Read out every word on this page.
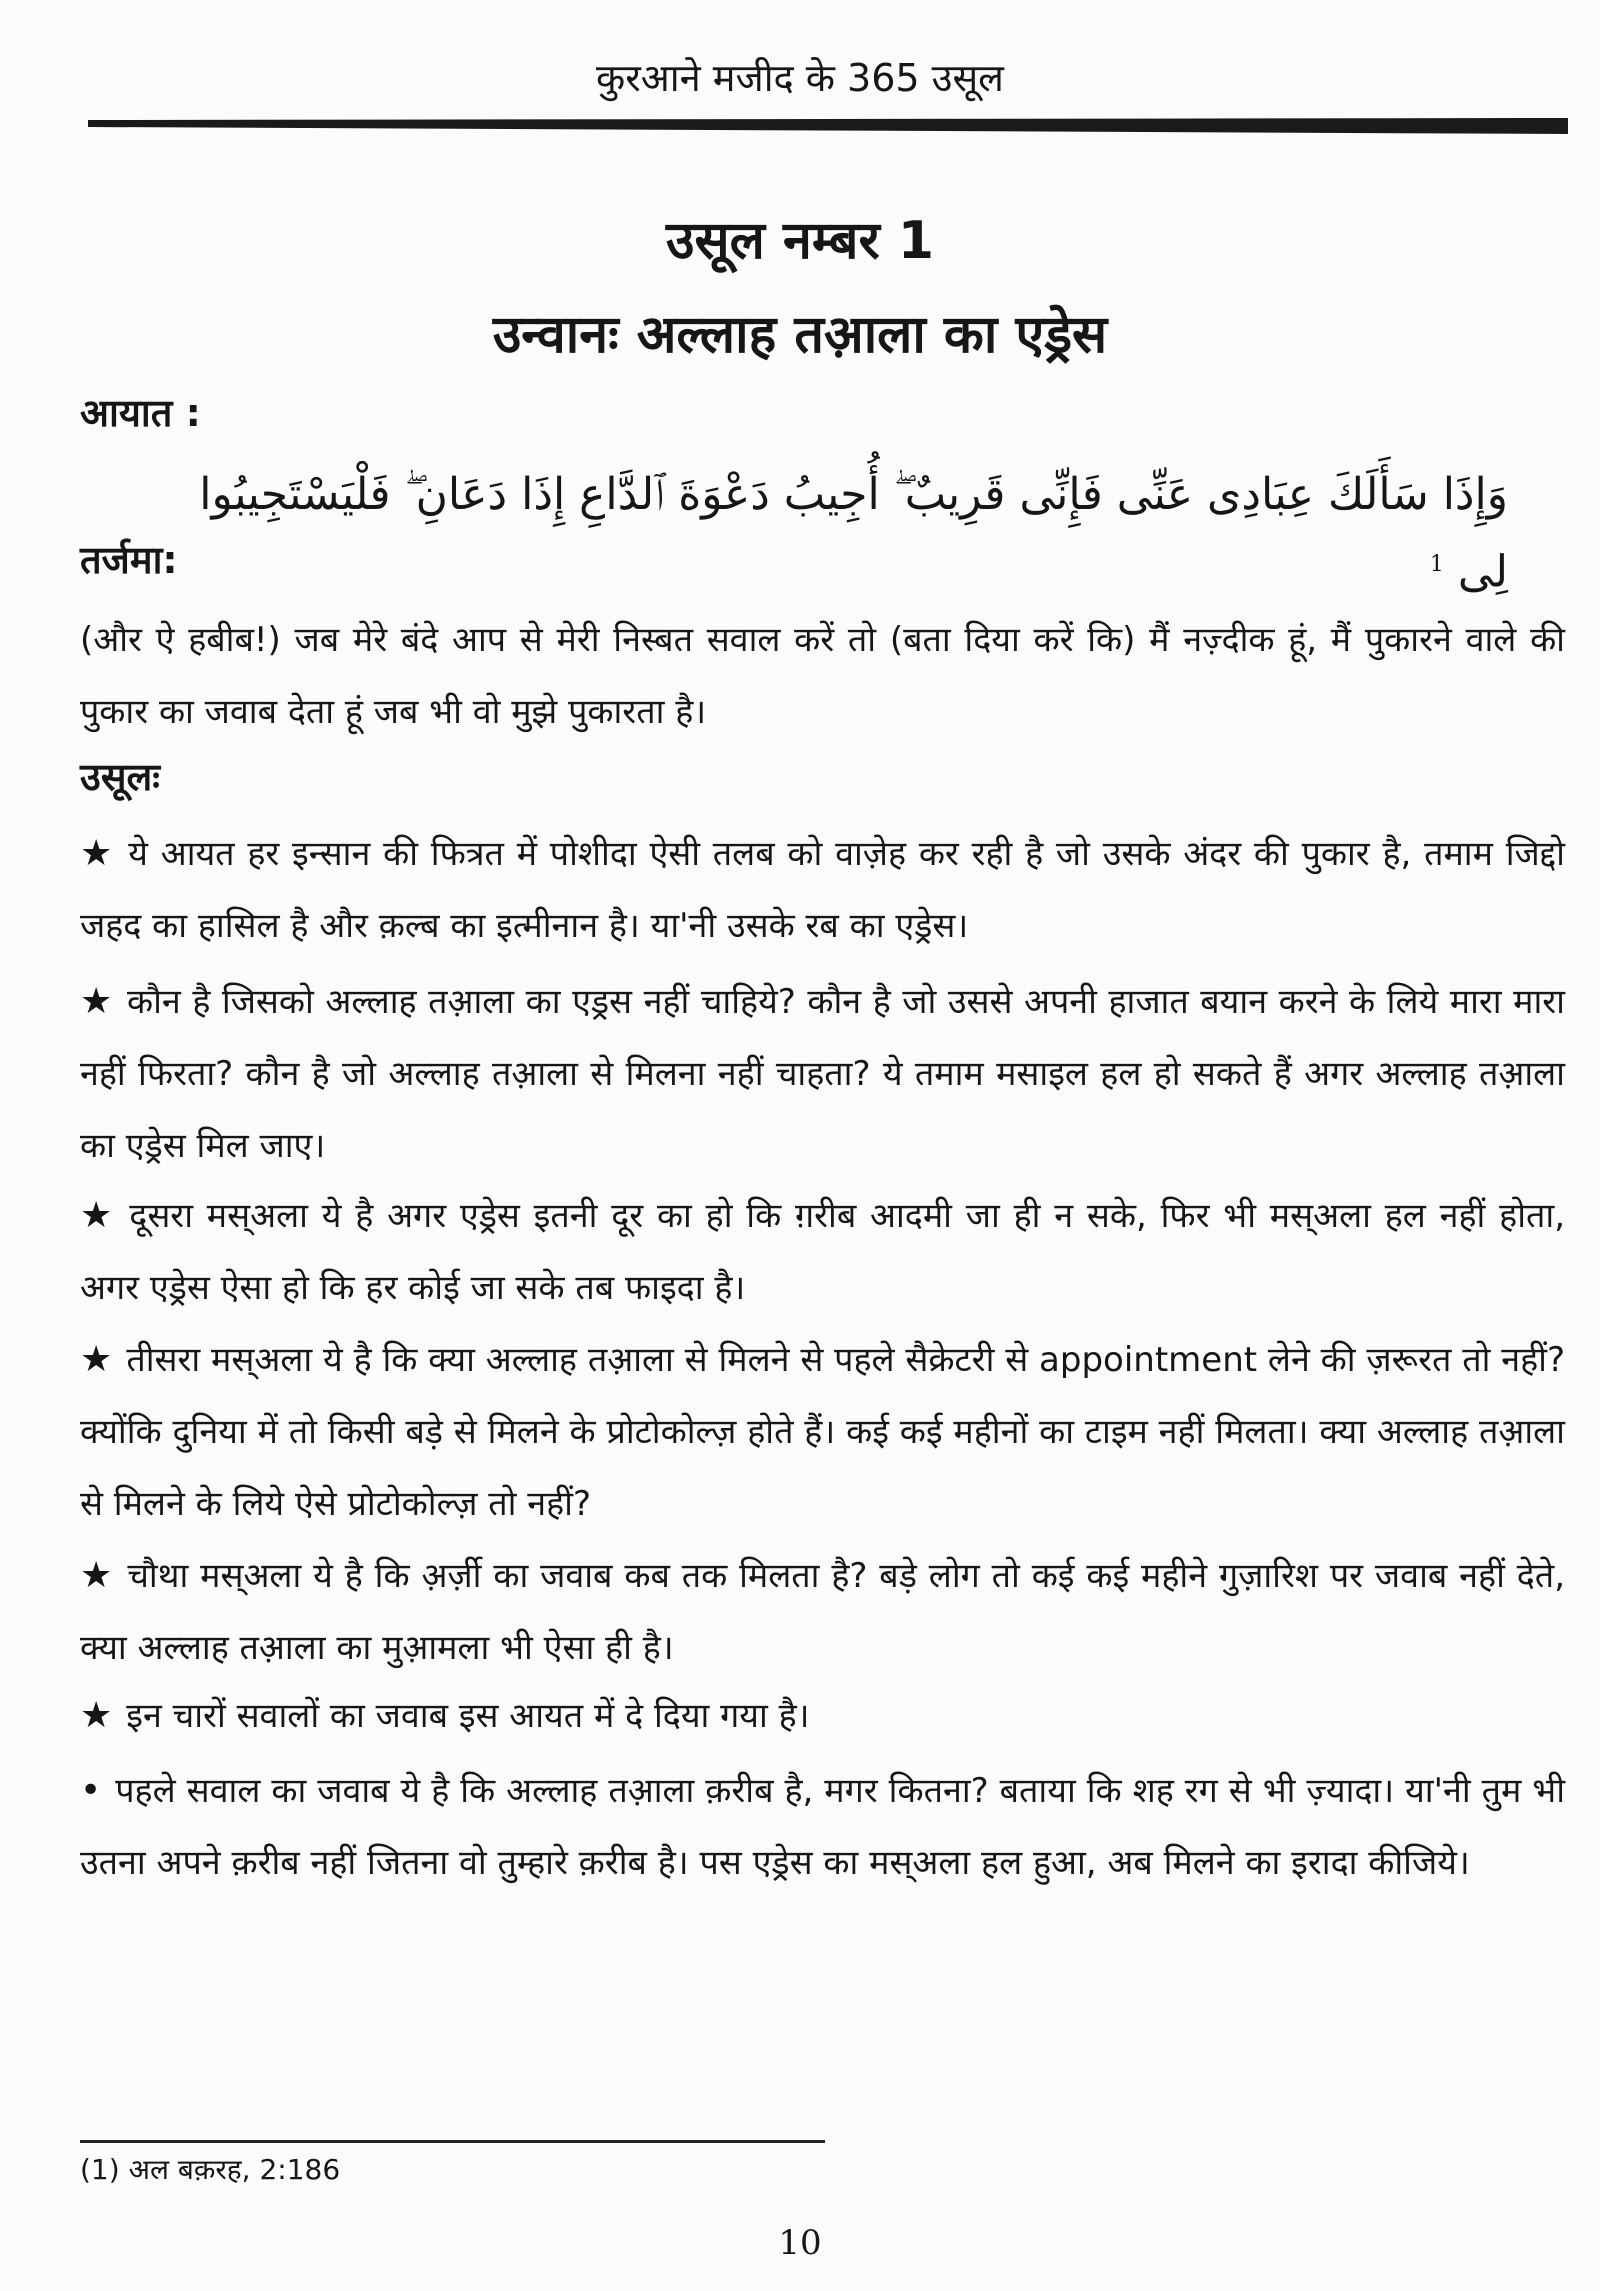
कुरआने मजीद के 365 उसूल
उसूल नम्बर 1
उन्वानः अल्लाह तआ़ला का एड्रेस
आयात :
وَإِذَا سَأَلَكَ عِبَادِى عَنِّى فَإِنِّى قَرِيبٌ ۖ أُجِيبُ دَعْوَةَ ٱلدَّاعِ إِذَا دَعَانِ ۖ فَلْيَسْتَجِيبُوا لِى $^1$
तर्जमा:
(और ऐ हबीब!) जब मेरे बंदे आप से मेरी निस्बत सवाल करें तो (बता दिया करें कि) मैं नज़्दीक हूं, मैं पुकारने वाले की पुकार का जवाब देता हूं जब भी वो मुझे पुकारता है।
उसूलः
★ ये आयत हर इन्सान की फित्रत में पोशीदा ऐसी तलब को वाज़ेह कर रही है जो उसके अंदर की पुकार है, तमाम जिद्दो जहद का हासिल है और क़ल्ब का इत्मीनान है। या'नी उसके रब का एड्रेस।
★ कौन है जिसको अल्लाह तआ़ला का एड्रस नहीं चाहिये? कौन है जो उससे अपनी हाजात बयान करने के लिये मारा मारा नहीं फिरता? कौन है जो अल्लाह तआ़ला से मिलना नहीं चाहता? ये तमाम मसाइल हल हो सकते हैं अगर अल्लाह तआ़ला का एड्रेस मिल जाए।
★ दूसरा मस्अला ये है अगर एड्रेस इतनी दूर का हो कि ग़रीब आदमी जा ही न सके, फिर भी मस्अला हल नहीं होता, अगर एड्रेस ऐसा हो कि हर कोई जा सके तब फाइदा है।
★ तीसरा मस्अला ये है कि क्या अल्लाह तआ़ला से मिलने से पहले सैक्रेटरी से appointment लेने की ज़रूरत तो नहीं? क्योंकि दुनिया में तो किसी बड़े से मिलने के प्रोटोकोल्ज़ होते हैं। कई कई महीनों का टाइम नहीं मिलता। क्या अल्लाह तआ़ला से मिलने के लिये ऐसे प्रोटोकोल्ज़ तो नहीं?
★ चौथा मस्अला ये है कि अ़र्ज़ी का जवाब कब तक मिलता है? बड़े लोग तो कई कई महीने गुज़ारिश पर जवाब नहीं देते, क्या अल्लाह तआ़ला का मुआ़मला भी ऐसा ही है।
★ इन चारों सवालों का जवाब इस आयत में दे दिया गया है।
• पहले सवाल का जवाब ये है कि अल्लाह तआ़ला क़रीब है, मगर कितना? बताया कि शह रग से भी ज़्यादा। या'नी तुम भी उतना अपने क़रीब नहीं जितना वो तुम्हारे क़रीब है। पस एड्रेस का मस्अला हल हुआ, अब मिलने का इरादा कीजिये।
(1) अल बक़रह, 2:186
10
